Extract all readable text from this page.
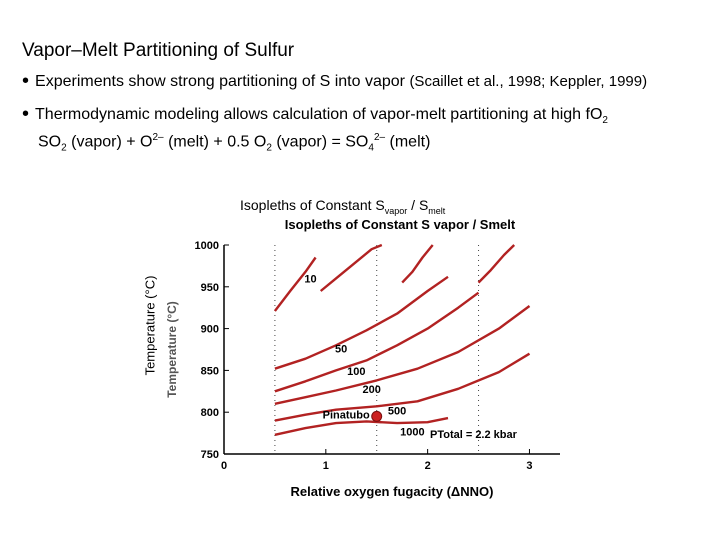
Vapor–Melt Partitioning of Sulfur
• Experiments show strong partitioning of S into vapor (Scaillet et al., 1998; Keppler, 1999)
• Thermodynamic modeling allows calculation of vapor-melt partitioning at high $fO_2$
$SO_2$ (vapor) + $O^{2-}$ (melt) + 0.5 $O_2$ (vapor) = $SO_4^{2-}$ (melt)
Isopleths of Constant $S_{vapor} / S_{melt}$
Temperature (°C)
Isopleths of Constant S vapor / Smelt
0	1	2	3
750
800
850
900
950
1000
Relative oxygen fugacity (ΔNNO)
Temperature (°C)
10
50
100
200
500
1000
Pinatubo
PTotal = 2.2 kbar
